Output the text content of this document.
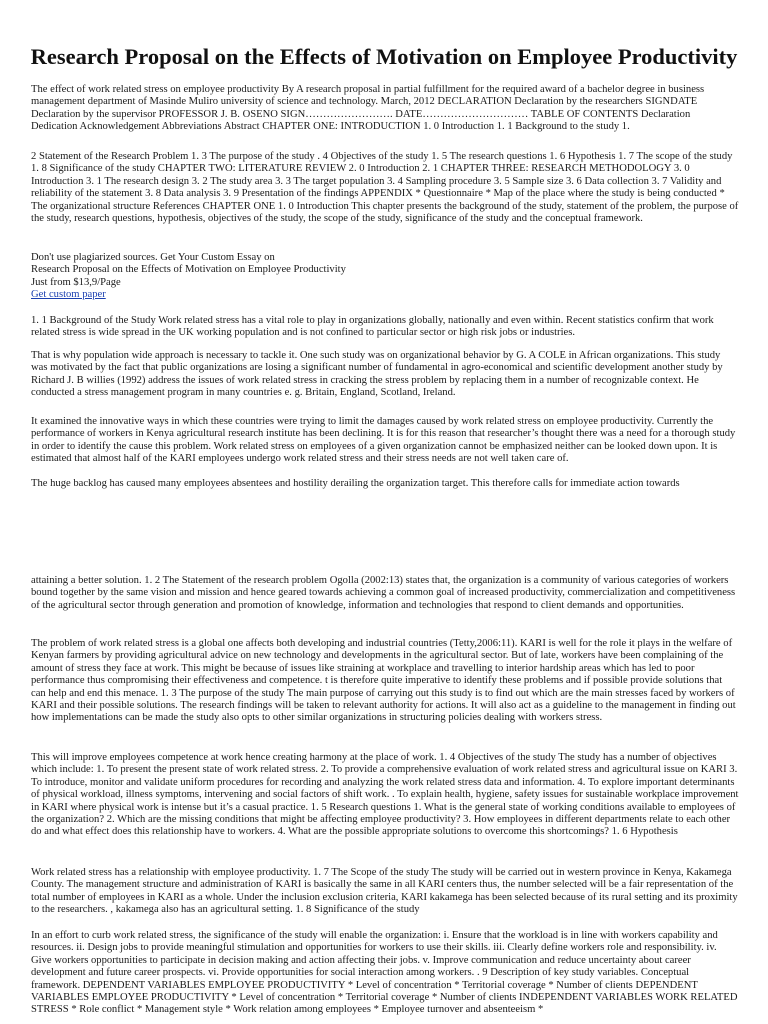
Research Proposal on the Effects of Motivation on Employee Productivity

The effect of work related stress on employee productivity By A research proposal in partial fulfillment for the required award of a bachelor degree in business management department of Masinde Muliro university of science and technology. March, 2012 DECLARATION Declaration by the researchers SIGNDATE Declaration by the supervisor PROFESSOR J. B. OSENO SIGN……………………. DATE………………………… TABLE OF CONTENTS Declaration Dedication Acknowledgement Abbreviations Abstract CHAPTER ONE: INTRODUCTION 1. 0 Introduction 1. 1 Background to the study 1.

2 Statement of the Research Problem 1. 3 The purpose of the study . 4 Objectives of the study 1. 5 The research questions 1. 6 Hypothesis 1. 7 The scope of the study 1. 8 Significance of the study CHAPTER TWO: LITERATURE REVIEW 2. 0 Introduction 2. 1 CHAPTER THREE: RESEARCH METHODOLOGY 3. 0 Introduction 3. 1 The research design 3. 2 The study area 3. 3 The target population 3. 4 Sampling procedure 3. 5 Sample size 3. 6 Data collection 3. 7 Validity and reliability of the statement 3. 8 Data analysis 3. 9 Presentation of the findings APPENDIX * Questionnaire * Map of the place where the study is being conducted * The organizational structure References CHAPTER ONE 1. 0 Introduction This chapter presents the background of the study, statement of the problem, the purpose of the study, research questions, hypothesis, objectives of the study, the scope of the study, significance of the study and the conceptual framework.

Don't use plagiarized sources. Get Your Custom Essay on
Research Proposal on the Effects of Motivation on Employee Productivity
Just from $13,9/Page
Get custom paper

1. 1 Background of the Study Work related stress has a vital role to play in organizations globally, nationally and even within. Recent statistics confirm that work related stress is wide spread in the UK working population and is not confined to particular sector or high risk jobs or industries.

That is why population wide approach is necessary to tackle it. One such study was on organizational behavior by G. A COLE in African organizations. This study was motivated by the fact that public organizations are losing a significant number of fundamental in agro-economical and scientific development another study by Richard J. B willies (1992) address the issues of work related stress in cracking the stress problem by replacing them in a number of recognizable context. He conducted a stress management program in many countries e. g. Britain, England, Scotland, Ireland.

It examined the innovative ways in which these countries were trying to limit the damages caused by work related stress on employee productivity. Currently the performance of workers in Kenya agricultural research institute has been declining. It is for this reason that researcher’s thought there was a need for a thorough study in order to identify the cause this problem. Work related stress on employees of a given organization cannot be emphasized neither can be looked down upon. It is estimated that almost half of the KARI employees undergo work related stress and their stress needs are not well taken care of.

The huge backlog has caused many employees absentees and hostility derailing the organization target. This therefore calls for immediate action towards

attaining a better solution. 1. 2 The Statement of the research problem Ogolla (2002:13) states that, the organization is a community of various categories of workers bound together by the same vision and mission and hence geared towards achieving a common goal of increased productivity, commercialization and competitiveness of the agricultural sector through generation and promotion of knowledge, information and technologies that respond to client demands and opportunities.

The problem of work related stress is a global one affects both developing and industrial countries (Tetty,2006:11). KARI is well for the role it plays in the welfare of Kenyan farmers by providing agricultural advice on new technology and developments in the agricultural sector. But of late, workers have been complaining of the amount of stress they face at work. This might be because of issues like straining at workplace and travelling to interior hardship areas which has led to poor performance thus compromising their effectiveness and competence. t is therefore quite imperative to identify these problems and if possible provide solutions that can help and end this menace. 1. 3 The purpose of the study The main purpose of carrying out this study is to find out which are the main stresses faced by workers of KARI and their possible solutions. The research findings will be taken to relevant authority for actions. It will also act as a guideline to the management in finding out how implementations can be made the study also opts to other similar organizations in structuring policies dealing with workers stress.

This will improve employees competence at work hence creating harmony at the place of work. 1. 4 Objectives of the study The study has a number of objectives which include: 1. To present the present state of work related stress. 2. To provide a comprehensive evaluation of work related stress and agricultural issue on KARI 3. To introduce, monitor and validate uniform procedures for recording and analyzing the work related stress data and information. 4. To explore important determinants of physical workload, illness symptoms, intervening and social factors of shift work. . To explain health, hygiene, safety issues for sustainable workplace improvement in KARI where physical work is intense but it’s a casual practice. 1. 5 Research questions 1. What is the general state of working conditions available to employees of the organization? 2. Which are the missing conditions that might be affecting employee productivity? 3. How employees in different departments relate to each other do and what effect does this relationship have to workers. 4. What are the possible appropriate solutions to overcome this shortcomings? 1. 6 Hypothesis

Work related stress has a relationship with employee productivity. 1. 7 The Scope of the study The study will be carried out in western province in Kenya, Kakamega County. The management structure and administration of KARI is basically the same in all KARI centers thus, the number selected will be a fair representation of the total number of employees in KARI as a whole. Under the inclusion exclusion criteria, KARI kakamega has been selected because of its rural setting and its proximity to the researchers. , kakamega also has an agricultural setting. 1. 8 Significance of the study

In an effort to curb work related stress, the significance of the study will enable the organization: i. Ensure that the workload is in line with workers capability and resources. ii. Design jobs to provide meaningful stimulation and opportunities for workers to use their skills. iii. Clearly define workers role and responsibility. iv. Give workers opportunities to participate in decision making and action affecting their jobs. v. Improve communication and reduce uncertainty about career development and future career prospects. vi. Provide opportunities for social interaction among workers. . 9 Description of key study variables. Conceptual framework. DEPENDENT VARIABLES EMPLOYEE PRODUCTIVITY * Level of concentration * Territorial coverage * Number of clients DEPENDENT VARIABLES EMPLOYEE PRODUCTIVITY * Level of concentration * Territorial coverage * Number of clients INDEPENDENT VARIABLES WORK RELATED STRESS * Role conflict * Management style * Work relation among employees * Employee turnover and absenteeism *
